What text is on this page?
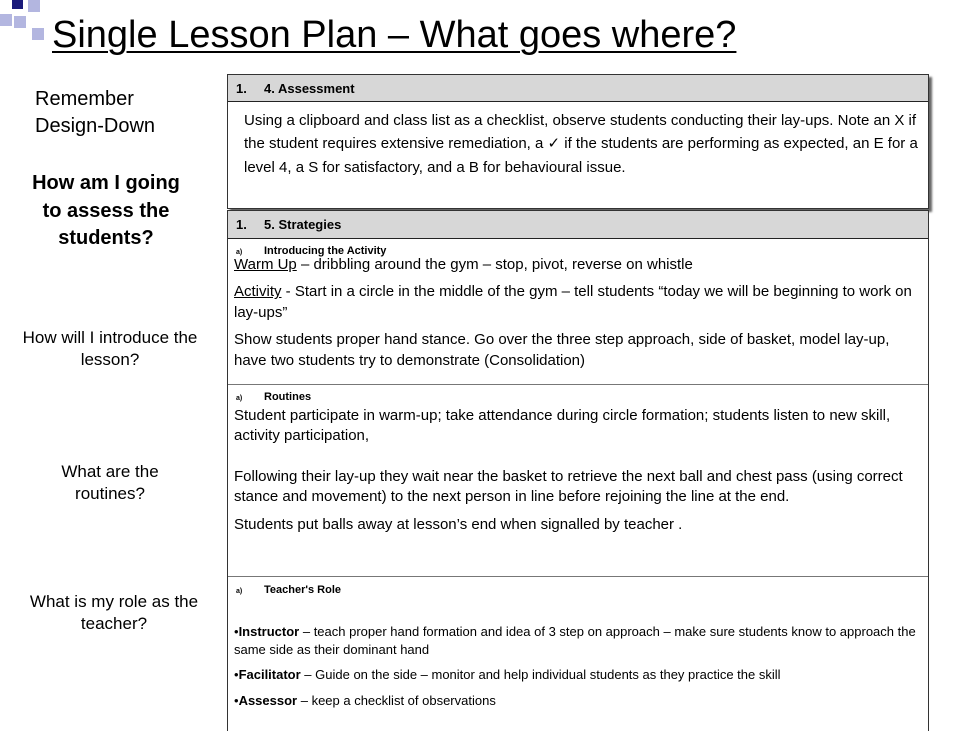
Single Lesson Plan – What goes where?
Remember
Design-Down
How am I going to assess the students?
How will I introduce the lesson?
What are the routines?
What is my role as the teacher?
1.	4. Assessment
Using a clipboard and class list as a checklist, observe students conducting their lay-ups. Note an X if the student requires extensive remediation, a ✓ if the students are performing as expected, an E for a level 4, a S for satisfactory, and a B for behavioural issue.
1.	5. Strategies
a) Introducing the Activity

Warm Up – dribbling around the gym – stop, pivot, reverse on whistle

Activity - Start in a circle in the middle of the gym – tell students “today we will be beginning to work on lay-ups”

Show students proper hand stance. Go over the three step approach, side of basket, model lay-up, have two students try to demonstrate (Consolidation)

a) Routines

Student participate in warm-up; take attendance during circle formation; students listen to new skill, activity participation,

Following their lay-up they wait near the basket to retrieve the next ball and chest pass (using correct stance and movement) to the next person in line before rejoining the line at the end.

Students put balls away at lesson’s end when signalled by teacher .

a) Teacher's Role

•Instructor – teach proper hand formation and idea of 3 step on approach – make sure students know to approach the same side as their dominant hand

•Facilitator – Guide on the side – monitor and help individual students as they practice the skill

•Assessor – keep a checklist of observations
